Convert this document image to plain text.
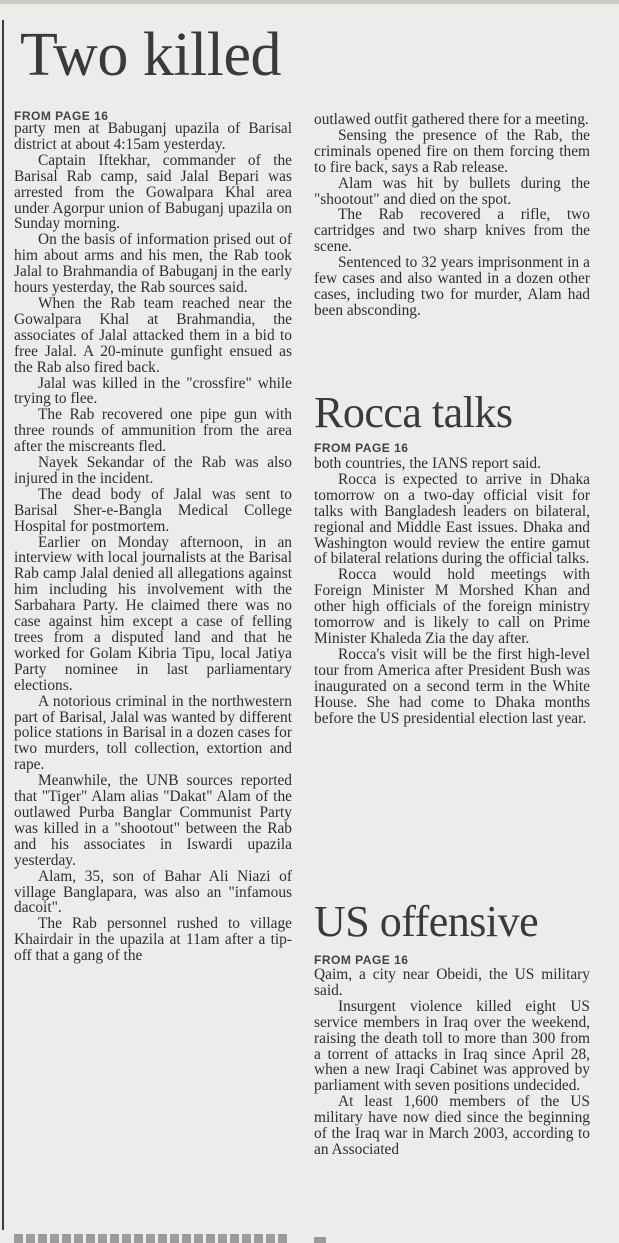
Two killed
FROM PAGE 16

party men at Babuganj upazila of Barisal district at about 4:15am yesterday.

Captain Iftekhar, commander of the Barisal Rab camp, said Jalal Bepari was arrested from the Gowalpara Khal area under Agorpur union of Babuganj upazila on Sunday morning.

On the basis of information prised out of him about arms and his men, the Rab took Jalal to Brahmandia of Babuganj in the early hours yesterday, the Rab sources said.

When the Rab team reached near the Gowalpara Khal at Brahmandia, the associates of Jalal attacked them in a bid to free Jalal. A 20-minute gunfight ensued as the Rab also fired back.

Jalal was killed in the "crossfire" while trying to flee.

The Rab recovered one pipe gun with three rounds of ammunition from the area after the miscreants fled.

Nayek Sekandar of the Rab was also injured in the incident.

The dead body of Jalal was sent to Barisal Sher-e-Bangla Medical College Hospital for postmortem.

Earlier on Monday afternoon, in an interview with local journalists at the Barisal Rab camp Jalal denied all allegations against him including his involvement with the Sarbahara Party. He claimed there was no case against him except a case of felling trees from a disputed land and that he worked for Golam Kibria Tipu, local Jatiya Party nominee in last parliamentary elections.

A notorious criminal in the northwestern part of Barisal, Jalal was wanted by different police stations in Barisal in a dozen cases for two murders, toll collection, extortion and rape.

Meanwhile, the UNB sources reported that "Tiger" Alam alias "Dakat" Alam of the outlawed Purba Banglar Communist Party was killed in a "shootout" between the Rab and his associates in Iswardi upazila yesterday.

Alam, 35, son of Bahar Ali Niazi of village Banglapara, was also an "infamous dacoit".

The Rab personnel rushed to village Khairdair in the upazila at 11am after a tip-off that a gang of the

outlawed outfit gathered there for a meeting.

Sensing the presence of the Rab, the criminals opened fire on them forcing them to fire back, says a Rab release.

Alam was hit by bullets during the "shootout" and died on the spot.

The Rab recovered a rifle, two cartridges and two sharp knives from the scene.

Sentenced to 32 years imprisonment in a few cases and also wanted in a dozen other cases, including two for murder, Alam had been absconding.

Rocca talks
FROM PAGE 16

both countries, the IANS report said.

Rocca is expected to arrive in Dhaka tomorrow on a two-day official visit for talks with Bangladesh leaders on bilateral, regional and Middle East issues. Dhaka and Washington would review the entire gamut of bilateral relations during the official talks.

Rocca would hold meetings with Foreign Minister M Morshed Khan and other high officials of the foreign ministry tomorrow and is likely to call on Prime Minister Khaleda Zia the day after.

Rocca's visit will be the first high-level tour from America after President Bush was inaugurated on a second term in the White House. She had come to Dhaka months before the US presidential election last year.

US offensive
FROM PAGE 16

Qaim, a city near Obeidi, the US military said.

Insurgent violence killed eight US service members in Iraq over the weekend, raising the death toll to more than 300 from a torrent of attacks in Iraq since April 28, when a new Iraqi Cabinet was approved by parliament with seven positions undecided.

At least 1,600 members of the US military have now died since the beginning of the Iraq war in March 2003, according to an Associated
